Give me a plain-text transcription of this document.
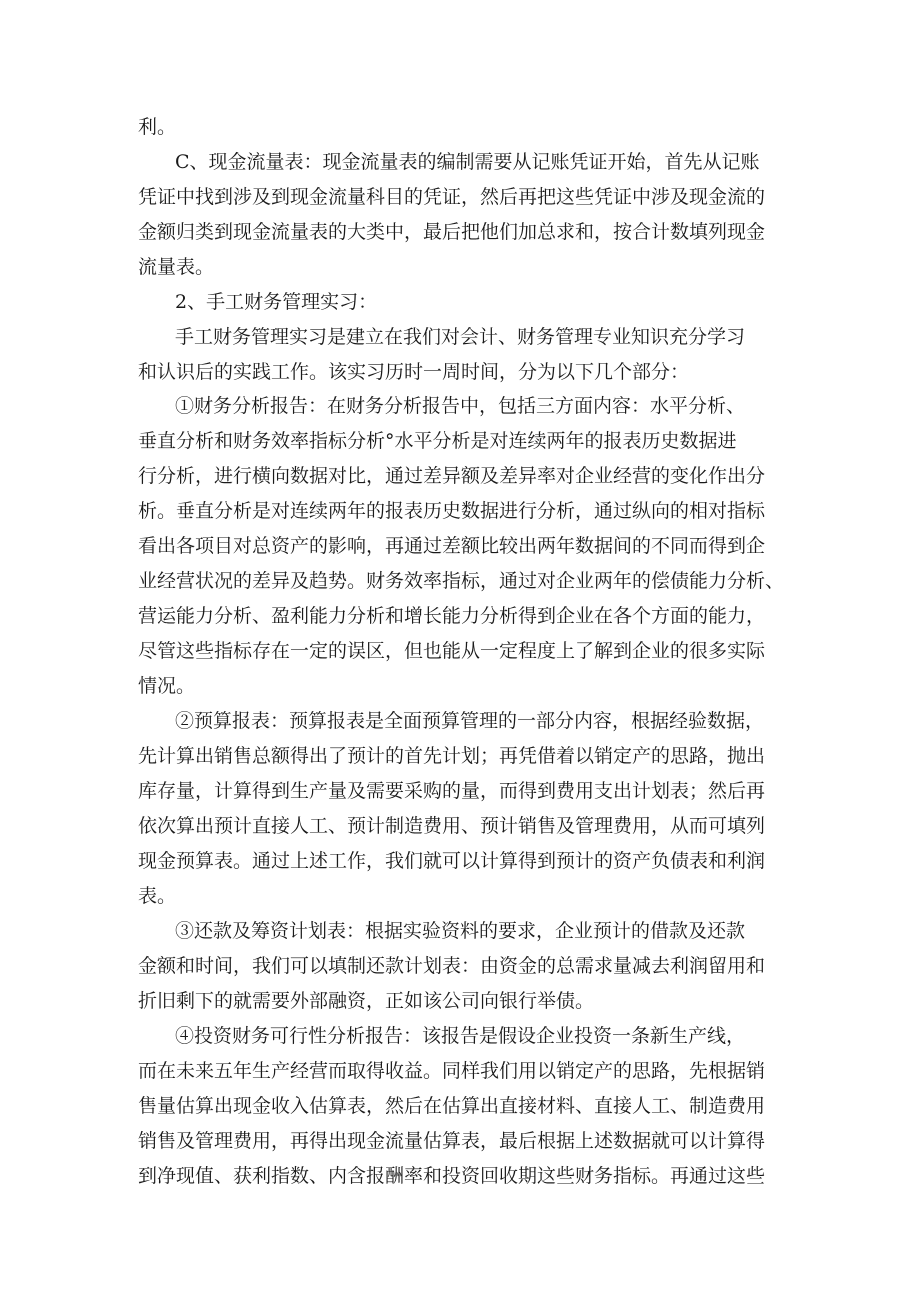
利。
C、现金流量表：现金流量表的编制需要从记账凭证开始，首先从记账
凭证中找到涉及到现金流量科目的凭证，然后再把这些凭证中涉及现金流的
金额归类到现金流量表的大类中，最后把他们加总求和，按合计数填列现金
流量表。
2、手工财务管理实习：
手工财务管理实习是建立在我们对会计、财务管理专业知识充分学习
和认识后的实践工作。该实习历时一周时间，分为以下几个部分：
①财务分析报告：在财务分析报告中，包括三方面内容：水平分析、
垂直分析和财务效率指标分析°水平分析是对连续两年的报表历史数据进
行分析，进行横向数据对比，通过差异额及差异率对企业经营的变化作出分
析。垂直分析是对连续两年的报表历史数据进行分析，通过纵向的相对指标
看出各项目对总资产的影响，再通过差额比较出两年数据间的不同而得到企
业经营状况的差异及趋势。财务效率指标，通过对企业两年的偿债能力分析、
营运能力分析、盈利能力分析和增长能力分析得到企业在各个方面的能力，
尽管这些指标存在一定的误区，但也能从一定程度上了解到企业的很多实际
情况。
②预算报表：预算报表是全面预算管理的一部分内容，根据经验数据，
先计算出销售总额得出了预计的首先计划；再凭借着以销定产的思路，抛出
库存量，计算得到生产量及需要采购的量，而得到费用支出计划表；然后再
依次算出预计直接人工、预计制造费用、预计销售及管理费用，从而可填列
现金预算表。通过上述工作，我们就可以计算得到预计的资产负债表和利润
表。
③还款及筹资计划表：根据实验资料的要求，企业预计的借款及还款
金额和时间，我们可以填制还款计划表：由资金的总需求量减去利润留用和
折旧剩下的就需要外部融资，正如该公司向银行举债。
④投资财务可行性分析报告：该报告是假设企业投资一条新生产线，
而在未来五年生产经营而取得收益。同样我们用以销定产的思路，先根据销
售量估算出现金收入估算表，然后在估算出直接材料、直接人工、制造费用
销售及管理费用，再得出现金流量估算表，最后根据上述数据就可以计算得
到净现值、获利指数、内含报酬率和投资回收期这些财务指标。再通过这些
